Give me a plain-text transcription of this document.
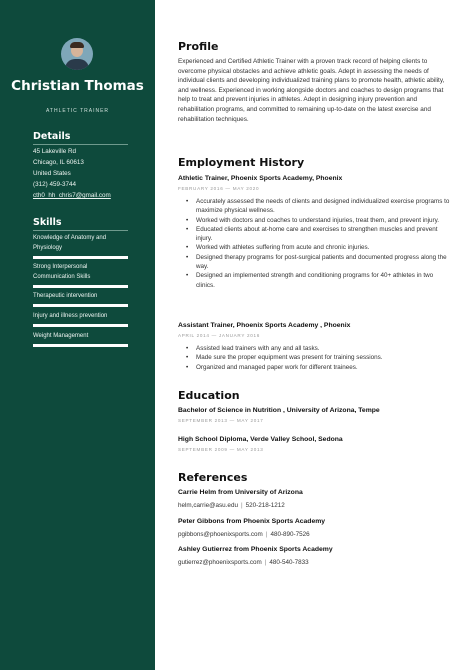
Christian Thomas
ATHLETIC TRAINER
Details
45 Lakeville Rd
Chicago, IL 60613
United States
(312) 459-3744
cth0_hh_chris7@gmail.com
Skills
Knowledge of Anatomy and Physiology
Strong Interpersonal Communication Skills
Therapeutic intervention
Injury and illness prevention
Weight Management
Profile
Experienced and Certified Athletic Trainer with a proven track record of helping clients to overcome physical obstacles and achieve athletic goals. Adept in assessing the needs of individual clients and developing individualized training plans to promote health, athletic ability, and wellness. Experienced in working alongside doctors and coaches to design programs that help to treat and prevent injuries in athletes. Adept in designing injury prevention and rehabilitation programs, and committed to remaining up-to-date on the latest exercise and rehabilitation techniques.
Employment History
Athletic Trainer, Phoenix Sports Academy, Phoenix
FEBRUARY 2016 — MAY 2020
• Accurately assessed the needs of clients and designed individualized exercise programs to maximize physical wellness.
• Worked with doctors and coaches to understand injuries, treat them, and prevent injury.
• Educated clients about at-home care and exercises to strengthen muscles and prevent injury.
• Worked with athletes suffering from acute and chronic injuries.
• Designed therapy programs for post-surgical patients and documented progress along the way.
• Designed an implemented strength and conditioning programs for 40+ athletes in two clinics.
Assistant Trainer, Phoenix Sports Academy , Phoenix
APRIL 2014 — JANUARY 2016
• Assisted lead trainers with any and all tasks.
• Made sure the proper equipment was present for training sessions.
• Organized and managed paper work for different trainees.
Education
Bachelor of Science in Nutrition , University of Arizona, Tempe
SEPTEMBER 2013 — MAY 2017
High School Diploma, Verde Valley School, Sedona
SEPTEMBER 2009 — MAY 2013
References
Carrie Helm from University of Arizona
helm,carrie@asu.edu | 520-218-1212
Peter Gibbons from Phoenix Sports Academy
pgibbons@phoenixsports.com | 480-890-7526
Ashley Gutierrez from Phoenix Sports Academy
gutierrez@phoenixsports.com | 480-540-7833
